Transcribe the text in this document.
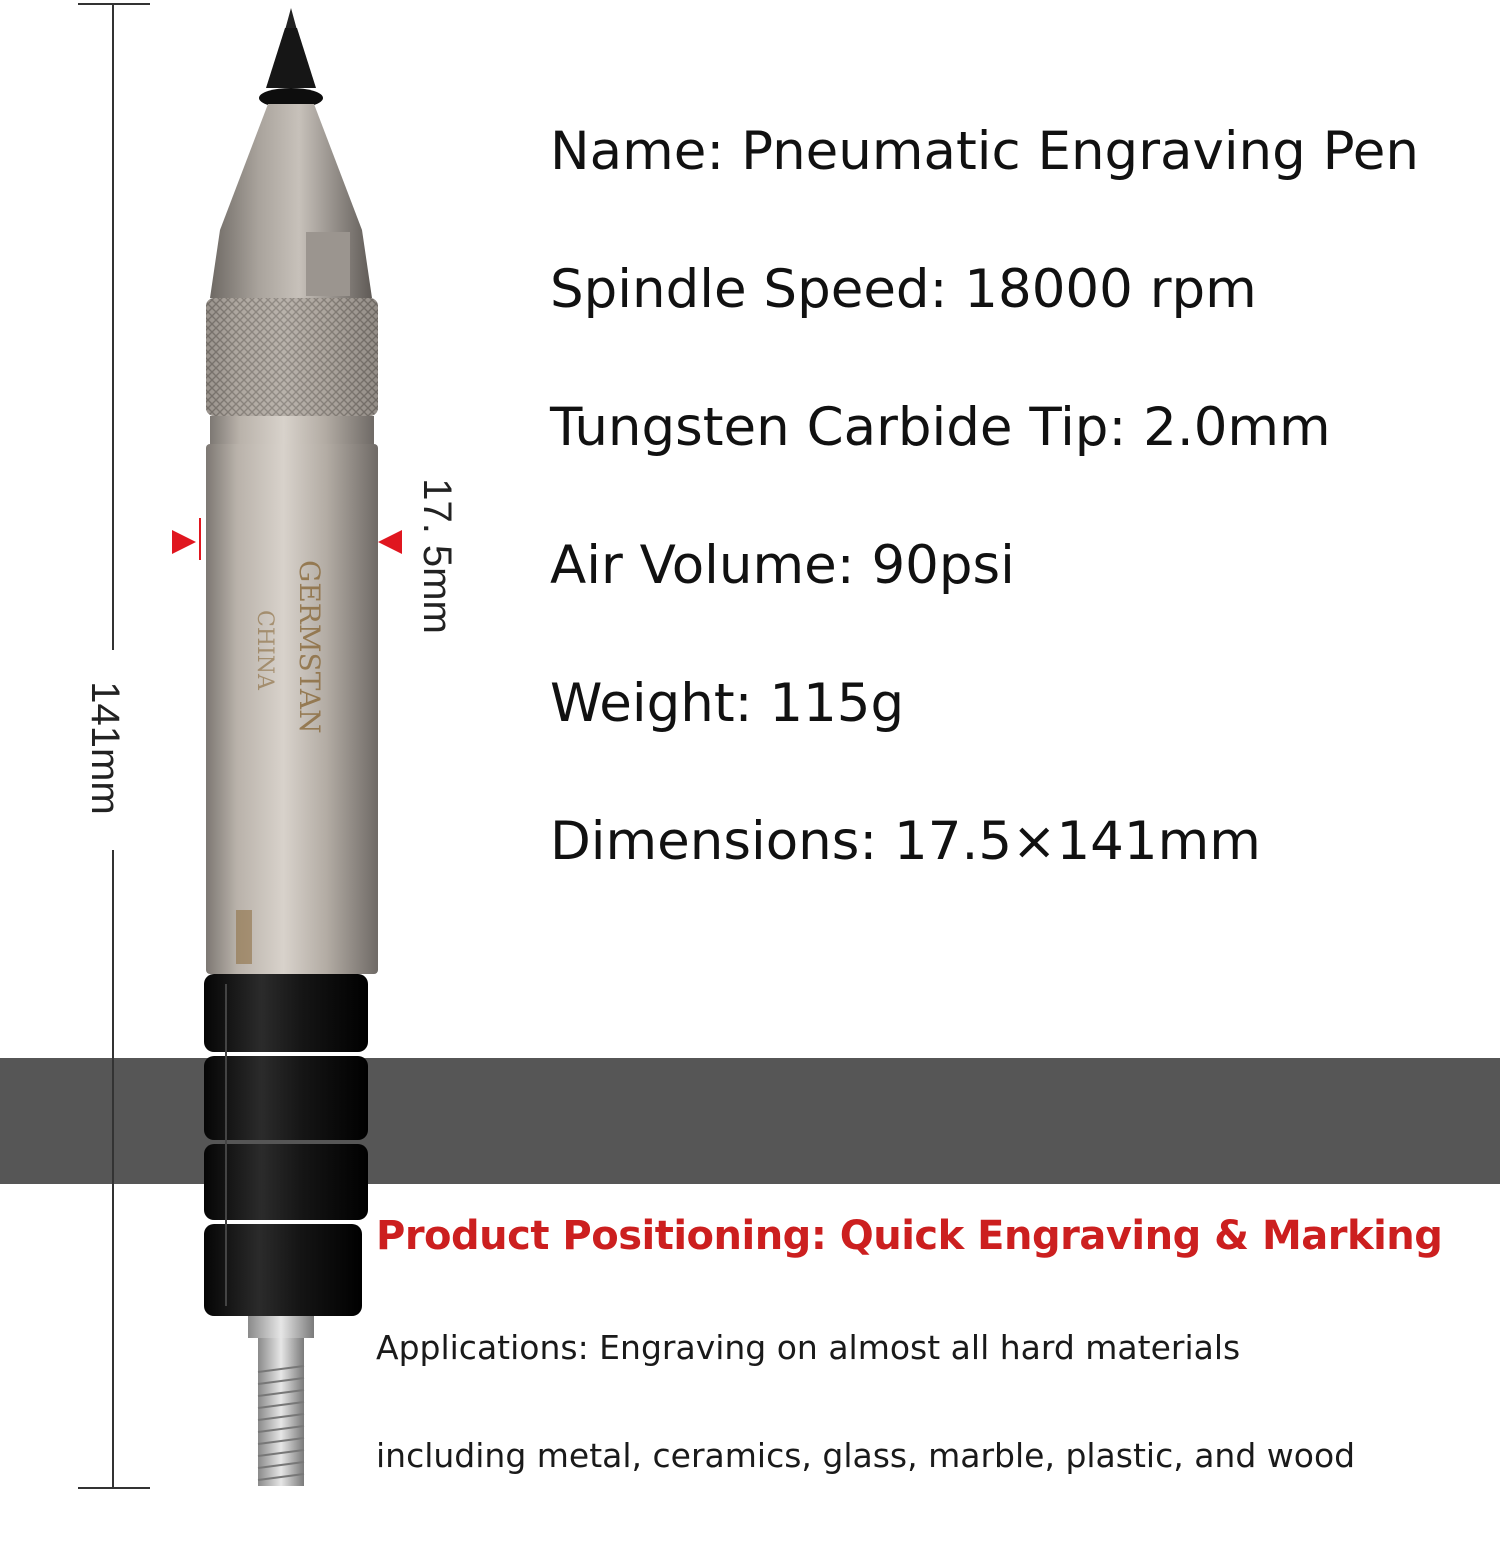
GERMSTAN
CHINA
141mm
17. 5mm
Name: Pneumatic Engraving Pen
Spindle Speed: 18000 rpm
Tungsten Carbide Tip: 2.0mm
Air Volume: 90psi
Weight: 115g
Dimensions: 17.5×141mm
Product Positioning: Quick Engraving & Marking
Applications: Engraving on almost all hard materials
including metal, ceramics, glass, marble, plastic, and wood
